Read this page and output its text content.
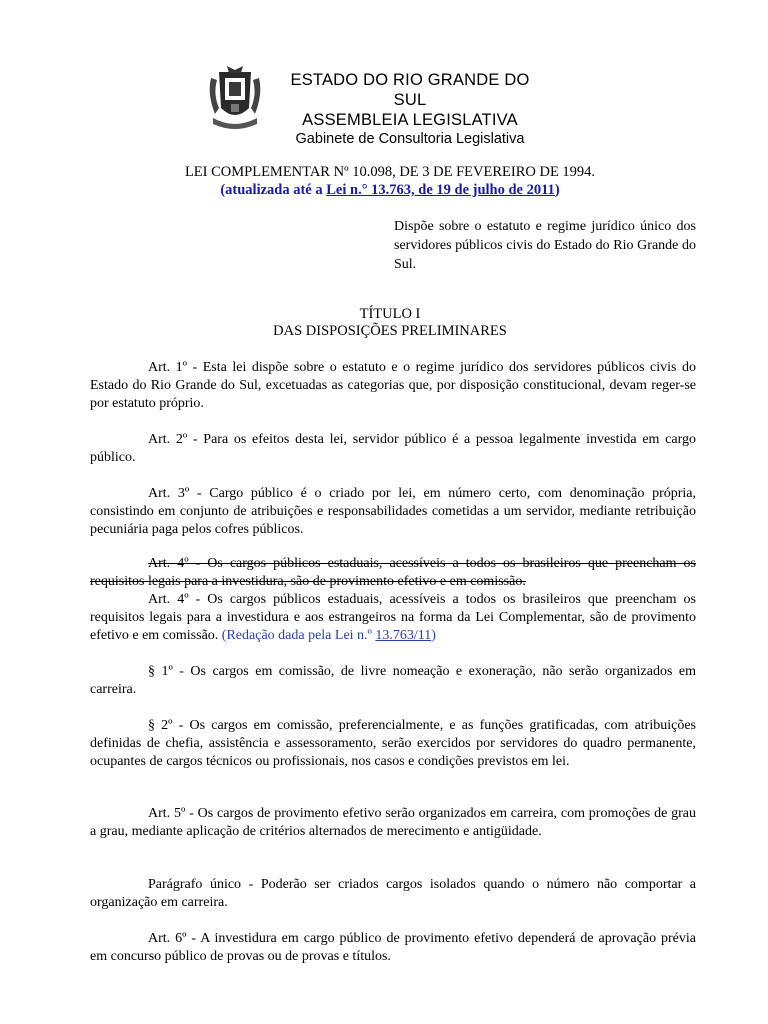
ESTADO DO RIO GRANDE DO SUL
ASSEMBLEIA LEGISLATIVA
Gabinete de Consultoria Legislativa
LEI COMPLEMENTAR Nº 10.098, DE 3 DE FEVEREIRO DE 1994.
(atualizada até a Lei n.° 13.763, de 19 de julho de 2011)
Dispõe sobre o estatuto e regime jurídico único dos servidores públicos civis do Estado do Rio Grande do Sul.
TÍTULO I
DAS DISPOSIÇÕES PRELIMINARES
Art. 1º - Esta lei dispõe sobre o estatuto e o regime jurídico dos servidores públicos civis do Estado do Rio Grande do Sul, excetuadas as categorias que, por disposição constitucional, devam reger-se por estatuto próprio.
Art. 2º - Para os efeitos desta lei, servidor público é a pessoa legalmente investida em cargo público.
Art. 3º - Cargo público é o criado por lei, em número certo, com denominação própria, consistindo em conjunto de atribuições e responsabilidades cometidas a um servidor, mediante retribuição pecuniária paga pelos cofres públicos.
Art. 4º - Os cargos públicos estaduais, acessíveis a todos os brasileiros que preencham os requisitos legais para a investidura, são de provimento efetivo e em comissão.
Art. 4º - Os cargos públicos estaduais, acessíveis a todos os brasileiros que preencham os requisitos legais para a investidura e aos estrangeiros na forma da Lei Complementar, são de provimento efetivo e em comissão. (Redação dada pela Lei n.º 13.763/11)
§ 1º - Os cargos em comissão, de livre nomeação e exoneração, não serão organizados em carreira.
§ 2º - Os cargos em comissão, preferencialmente, e as funções gratificadas, com atribuições definidas de chefia, assistência e assessoramento, serão exercidos por servidores do quadro permanente, ocupantes de cargos técnicos ou profissionais, nos casos e condições previstos em lei.
Art. 5º - Os cargos de provimento efetivo serão organizados em carreira, com promoções de grau a grau, mediante aplicação de critérios alternados de merecimento e antigüidade.
Parágrafo único - Poderão ser criados cargos isolados quando o número não comportar a organização em carreira.
Art. 6º - A investidura em cargo público de provimento efetivo dependerá de aprovação prévia em concurso público de provas ou de provas e títulos.
